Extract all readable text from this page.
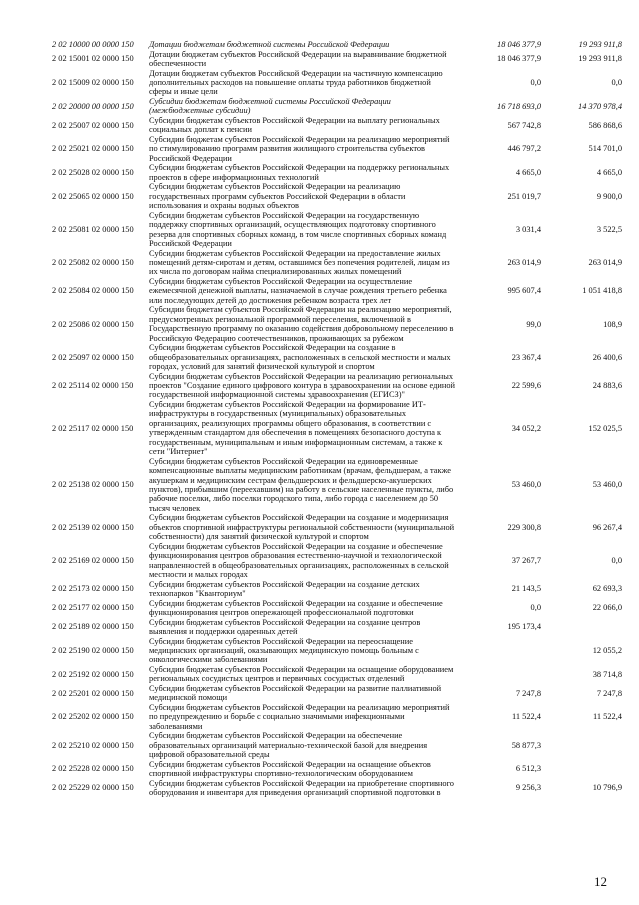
2 02 10000 00 0000 150	Дотации бюджетам бюджетной системы Российской Федерации	18 046 377,9	19 293 911,8
2 02 15001 02 0000 150	Дотации бюджетам субъектов Российской Федерации на выравнивание бюджетной обеспеченности	18 046 377,9	19 293 911,8
2 02 15009 02 0000 150	Дотации бюджетам субъектов Российской Федерации на частичную компенсацию дополнительных расходов на повышение оплаты труда работников бюджетной сферы и иные цели	0,0	0,0
2 02 20000 00 0000 150	Субсидии бюджетам бюджетной системы Российской Федерации (межбюджетные субсидии)	16 718 693,0	14 370 978,4
2 02 25007 02 0000 150	Субсидии бюджетам субъектов Российской Федерации на выплату региональных социальных доплат к пенсии	567 742,8	586 868,6
2 02 25021 02 0000 150	Субсидии бюджетам субъектов Российской Федерации на реализацию мероприятий по стимулированию программ развития жилищного строительства субъектов Российской Федерации	446 797,2	514 701,0
2 02 25028 02 0000 150	Субсидии бюджетам субъектов Российской Федерации на поддержку региональных проектов в сфере информационных технологий	4 665,0	4 665,0
2 02 25065 02 0000 150	Субсидии бюджетам субъектов Российской Федерации на реализацию государственных программ субъектов Российской Федерации в области использования и охраны водных объектов	251 019,7	9 900,0
2 02 25081 02 0000 150	Субсидии бюджетам субъектов Российской Федерации на государственную поддержку спортивных организаций, осуществляющих подготовку спортивного резерва для спортивных сборных команд, в том числе спортивных сборных команд Российской Федерации	3 031,4	3 522,5
2 02 25082 02 0000 150	Субсидии бюджетам субъектов Российской Федерации на предоставление жилых помещений детям-сиротам и детям, оставшимся без попечения родителей, лицам из их числа по договорам найма специализированных жилых помещений	263 014,9	263 014,9
2 02 25084 02 0000 150	Субсидии бюджетам субъектов Российской Федерации на осуществление ежемесячной денежной выплаты, назначаемой в случае рождения третьего ребенка или последующих детей до достижения ребенком возраста трех лет	995 607,4	1 051 418,8
2 02 25086 02 0000 150	Субсидии бюджетам субъектов Российской Федерации на реализацию мероприятий, предусмотренных региональной программой переселения, включенной в Государственную программу по оказанию содействия добровольному переселению в Российскую Федерацию соотечественников, проживающих за рубежом	99,0	108,9
2 02 25097 02 0000 150	Субсидии бюджетам субъектов Российской Федерации на создание в общеобразовательных организациях, расположенных в сельской местности и малых городах, условий для занятий физической культурой и спортом	23 367,4	26 400,6
2 02 25114 02 0000 150	Субсидии бюджетам субъектов Российской Федерации на реализацию региональных проектов "Создание единого цифрового контура в здравоохранении на основе единой государственной информационной системы здравоохранения (ЕГИСЗ)"	22 599,6	24 883,6
2 02 25117 02 0000 150	Субсидии бюджетам субъектов Российской Федерации на формирование ИТ-инфраструктуры в государственных (муниципальных) образовательных организациях, реализующих программы общего образования, в соответствии с утвержденным стандартом для обеспечения в помещениях безопасного доступа к государственным, муниципальным и иным информационным системам, а также к сети "Интернет"	34 052,2	152 025,5
2 02 25138 02 0000 150	Субсидии бюджетам субъектов Российской Федерации на единовременные компенсационные выплаты медицинским работникам (врачам, фельдшерам, а также акушеркам и медицинским сестрам фельдшерских и фельдшерско-акушерских пунктов), прибывшим (переехавшим) на работу в сельские населенные пункты, либо рабочие поселки, либо поселки городского типа, либо города с населением до 50 тысяч человек	53 460,0	53 460,0
2 02 25139 02 0000 150	Субсидии бюджетам субъектов Российской Федерации на создание и модернизация объектов спортивной инфраструктуры региональной собственности (муниципальной собственности) для занятий физической культурой и спортом	229 300,8	96 267,4
2 02 25169 02 0000 150	Субсидии бюджетам субъектов Российской Федерации на создание и обеспечение функционирования центров образования естественно-научной и технологической направленностей в общеобразовательных организациях, расположенных в сельской местности и малых городах	37 267,7	0,0
2 02 25173 02 0000 150	Субсидии бюджетам субъектов Российской Федерации на создание детских технопарков "Кванториум"	21 143,5	62 693,3
2 02 25177 02 0000 150	Субсидии бюджетам субъектов Российской Федерации на создание и обеспечение функционирования центров опережающей профессиональной подготовки	0,0	22 066,0
2 02 25189 02 0000 150	Субсидии бюджетам субъектов Российской Федерации на создание центров выявления и поддержки одаренных детей	195 173,4	
2 02 25190 02 0000 150	Субсидии бюджетам субъектов Российской Федерации на переоснащение медицинских организаций, оказывающих медицинскую помощь больным с онкологическими заболеваниями		12 055,2
2 02 25192 02 0000 150	Субсидии бюджетам субъектов Российской Федерации на оснащение оборудованием региональных сосудистых центров и первичных сосудистых отделений		38 714,8
2 02 25201 02 0000 150	Субсидии бюджетам субъектов Российской Федерации на развитие паллиативной медицинской помощи	7 247,8	7 247,8
2 02 25202 02 0000 150	Субсидии бюджетам субъектов Российской Федерации на реализацию мероприятий по предупреждению и борьбе с социально значимыми инфекционными заболеваниями	11 522,4	11 522,4
2 02 25210 02 0000 150	Субсидии бюджетам субъектов Российской Федерации на обеспечение образовательных организаций материально-технической базой для внедрения цифровой образовательной среды	58 877,3	
2 02 25228 02 0000 150	Субсидии бюджетам субъектов Российской Федерации на оснащение объектов спортивной инфраструктуры спортивно-технологическим оборудованием	6 512,3	
2 02 25229 02 0000 150	Субсидии бюджетам субъектов Российской Федерации на приобретение спортивного оборудования и инвентаря для приведения организаций спортивной подготовки в	9 256,3	10 796,9
12
